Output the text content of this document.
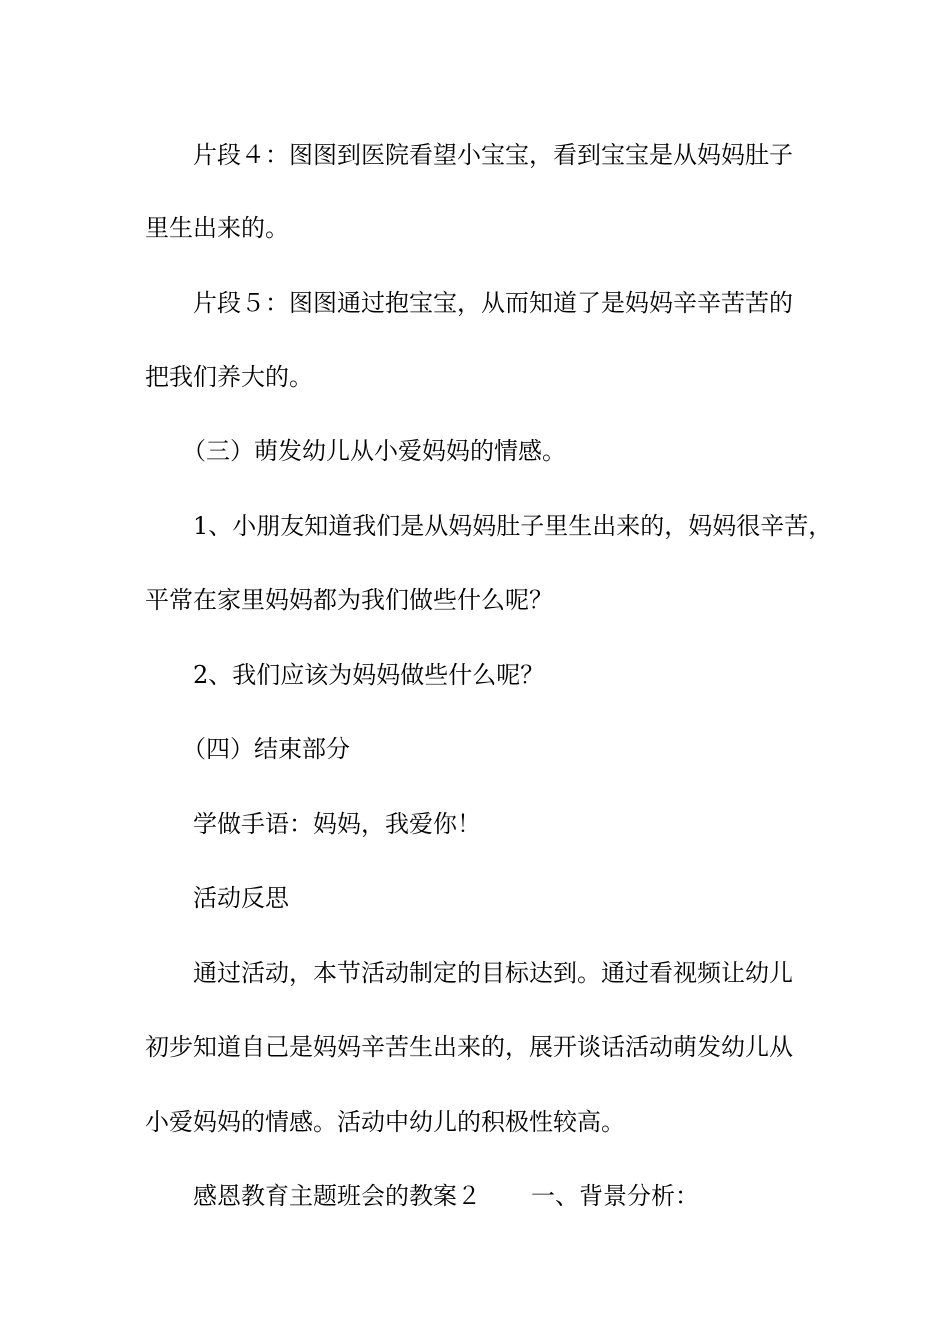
片段４：图图到医院看望小宝宝，看到宝宝是从妈妈肚子
里生出来的。
片段５：图图通过抱宝宝，从而知道了是妈妈辛辛苦苦的
把我们养大的。
（三）萌发幼儿从小爱妈妈的情感。
1、小朋友知道我们是从妈妈肚子里生出来的，妈妈很辛苦，
平常在家里妈妈都为我们做些什么呢？
2、我们应该为妈妈做些什么呢？
（四）结束部分
学做手语：妈妈，我爱你！
活动反思
通过活动，本节活动制定的目标达到。通过看视频让幼儿
初步知道自己是妈妈辛苦生出来的，展开谈话活动萌发幼儿从
小爱妈妈的情感。活动中幼儿的积极性较高。
感恩教育主题班会的教案２ 一、背景分析：
